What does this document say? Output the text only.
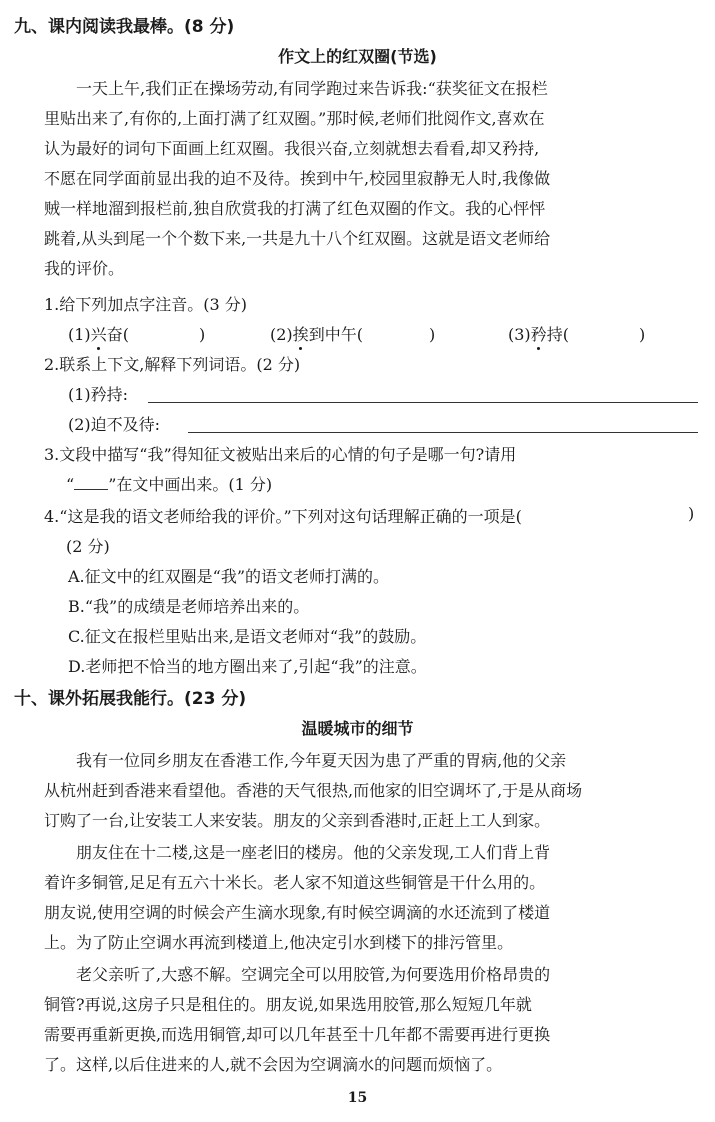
九、课内阅读我最棒。(8 分)
作文上的红双圈(节选)
一天上午,我们正在操场劳动,有同学跑过来告诉我:“获奖征文在报栏
里贴出来了,有你的,上面打满了红双圈。”那时候,老师们批阅作文,喜欢在
认为最好的词句下面画上红双圈。我很兴奋,立刻就想去看看,却又矜持,
不愿在同学面前显出我的迫不及待。挨到中午,校园里寂静无人时,我像做
贼一样地溜到报栏前,独自欣赏我的打满了红色双圈的作文。我的心怦怦
跳着,从头到尾一个个数下来,一共是九十八个红双圈。这就是语文老师给
我的评价。
1.给下列加点字注音。(3 分)
(1)兴奋(	)	(2)挨到中午(	)	(3)矜持(	)
2.联系上下文,解释下列词语。(2 分)
(1)矜持:
(2)迫不及待:
3.文段中描写“我”得知征文被贴出来后的心情的句子是哪一句?请用
“ ”在文中画出来。(1 分)
4.“这是我的语文老师给我的评价。”下列对这句话理解正确的一项是(	)
(2 分)
A.征文中的红双圈是“我”的语文老师打满的。
B.“我”的成绩是老师培养出来的。
C.征文在报栏里贴出来,是语文老师对“我”的鼓励。
D.老师把不恰当的地方圈出来了,引起“我”的注意。
十、课外拓展我能行。(23 分)
温暖城市的细节
我有一位同乡朋友在香港工作,今年夏天因为患了严重的胃病,他的父亲
从杭州赶到香港来看望他。香港的天气很热,而他家的旧空调坏了,于是从商场
订购了一台,让安装工人来安装。朋友的父亲到香港时,正赶上工人到家。
朋友住在十二楼,这是一座老旧的楼房。他的父亲发现,工人们背上背
着许多铜管,足足有五六十米长。老人家不知道这些铜管是干什么用的。
朋友说,使用空调的时候会产生滴水现象,有时候空调滴的水还流到了楼道
上。为了防止空调水再流到楼道上,他决定引水到楼下的排污管里。
老父亲听了,大惑不解。空调完全可以用胶管,为何要选用价格昂贵的
铜管?再说,这房子只是租住的。朋友说,如果选用胶管,那么短短几年就
需要再重新更换,而选用铜管,却可以几年甚至十几年都不需要再进行更换
了。这样,以后住进来的人,就不会因为空调滴水的问题而烦恼了。
15
